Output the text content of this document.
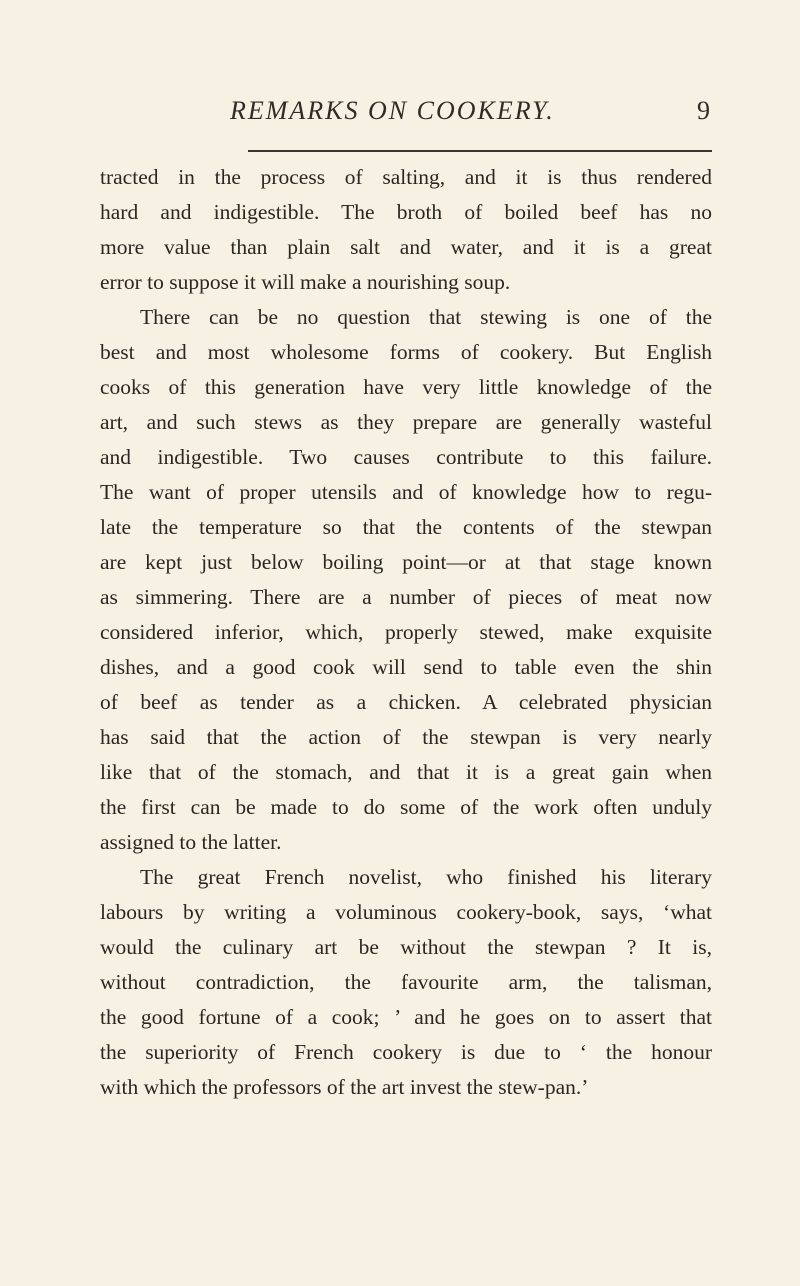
REMARKS ON COOKERY.	9
tracted in the process of salting, and it is thus rendered
hard and indigestible. The broth of boiled beef has no
more value than plain salt and water, and it is a great
error to suppose it will make a nourishing soup.
There can be no question that stewing is one of the
best and most wholesome forms of cookery. But English
cooks of this generation have very little knowledge of the
art, and such stews as they prepare are generally wasteful
and indigestible. Two causes contribute to this failure.
The want of proper utensils and of knowledge how to regu-
late the temperature so that the contents of the stewpan
are kept just below boiling point—or at that stage known
as simmering. There are a number of pieces of meat now
considered inferior, which, properly stewed, make exquisite
dishes, and a good cook will send to table even the shin
of beef as tender as a chicken. A celebrated physician
has said that the action of the stewpan is very nearly
like that of the stomach, and that it is a great gain when
the first can be made to do some of the work often unduly
assigned to the latter.
The great French novelist, who finished his literary
labours by writing a voluminous cookery-book, says, ‘what
would the culinary art be without the stewpan ? It is,
without contradiction, the favourite arm, the talisman,
the good fortune of a cook; ’ and he goes on to assert that
the superiority of French cookery is due to ‘ the honour
with which the professors of the art invest the stew-pan.’
